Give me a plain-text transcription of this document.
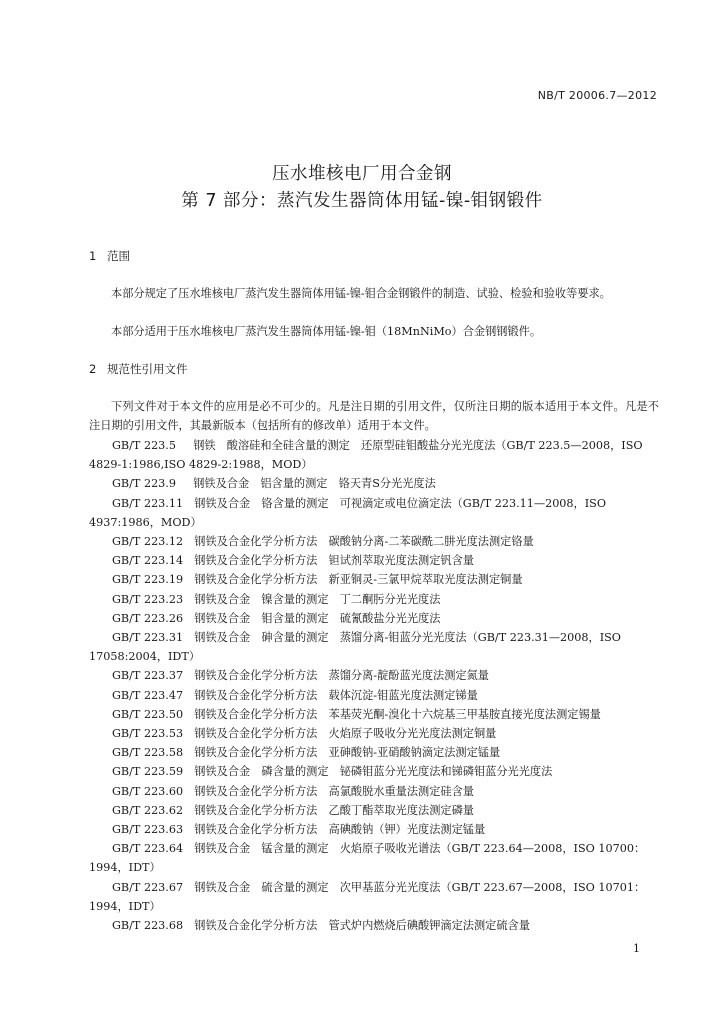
NB/T 20006.7—2012
压水堆核电厂用合金钢
第 7 部分：蒸汽发生器筒体用锰-镍-钼钢锻件
1 范围
本部分规定了压水堆核电厂蒸汽发生器筒体用锰-镍-钼合金钢锻件的制造、试验、检验和验收等要求。
本部分适用于压水堆核电厂蒸汽发生器筒体用锰-镍-钼（18MnNiMo）合金钢钢锻件。
2 规范性引用文件
下列文件对于本文件的应用是必不可少的。凡是注日期的引用文件，仅所注日期的版本适用于本文件。凡是不注日期的引用文件，其最新版本（包括所有的修改单）适用于本文件。
GB/T 223.5　 钢铁　酸溶硅和全硅含量的测定　还原型硅钼酸盐分光光度法（GB/T 223.5—2008，ISO 4829-1:1986,ISO 4829-2:1988，MOD）
GB/T 223.9　 钢铁及合金　铝含量的测定　铬天青S分光光度法
GB/T 223.11　 钢铁及合金　铬含量的测定　可视滴定或电位滴定法（GB/T 223.11—2008，ISO 4937:1986，MOD）
GB/T 223.12　 钢铁及合金化学分析方法　碳酸钠分离-二苯碳酰二肼光度法测定铬量
GB/T 223.14　 钢铁及合金化学分析方法　钽试剂萃取光度法测定钒含量
GB/T 223.19　 钢铁及合金化学分析方法　新亚铜灵-三氯甲烷萃取光度法测定铜量
GB/T 223.23　 钢铁及合金　镍含量的测定　丁二酮肟分光光度法
GB/T 223.26　 钢铁及合金　钼含量的测定　硫氰酸盐分光光度法
GB/T 223.31　 钢铁及合金　砷含量的测定　蒸馏分离-钼蓝分光光度法（GB/T 223.31—2008，ISO 17058:2004，IDT）
GB/T 223.37　 钢铁及合金化学分析方法　蒸馏分离-靛酚蓝光度法测定氮量
GB/T 223.47　 钢铁及合金化学分析方法　载体沉淀-钼蓝光度法测定锑量
GB/T 223.50　 钢铁及合金化学分析方法　苯基荧光酮-溴化十六烷基三甲基胺直接光度法测定锡量
GB/T 223.53　 钢铁及合金化学分析方法　火焰原子吸收分光光度法测定铜量
GB/T 223.58　 钢铁及合金化学分析方法　亚砷酸钠-亚硝酸钠滴定法测定锰量
GB/T 223.59　 钢铁及合金　磷含量的测定　铋磷钼蓝分光光度法和锑磷钼蓝分光光度法
GB/T 223.60　 钢铁及合金化学分析方法　高氯酸脱水重量法测定硅含量
GB/T 223.62　 钢铁及合金化学分析方法　乙酸丁酯萃取光度法测定磷量
GB/T 223.63　 钢铁及合金化学分析方法　高碘酸钠（钾）光度法测定锰量
GB/T 223.64　 钢铁及合金　锰含量的测定　火焰原子吸收光谱法（GB/T 223.64—2008，ISO 10700：1994，IDT）
GB/T 223.67　 钢铁及合金　硫含量的测定　次甲基蓝分光光度法（GB/T 223.67—2008，ISO 10701：1994，IDT）
GB/T 223.68　 钢铁及合金化学分析方法　管式炉内燃烧后碘酸钾滴定法测定硫含量
1
